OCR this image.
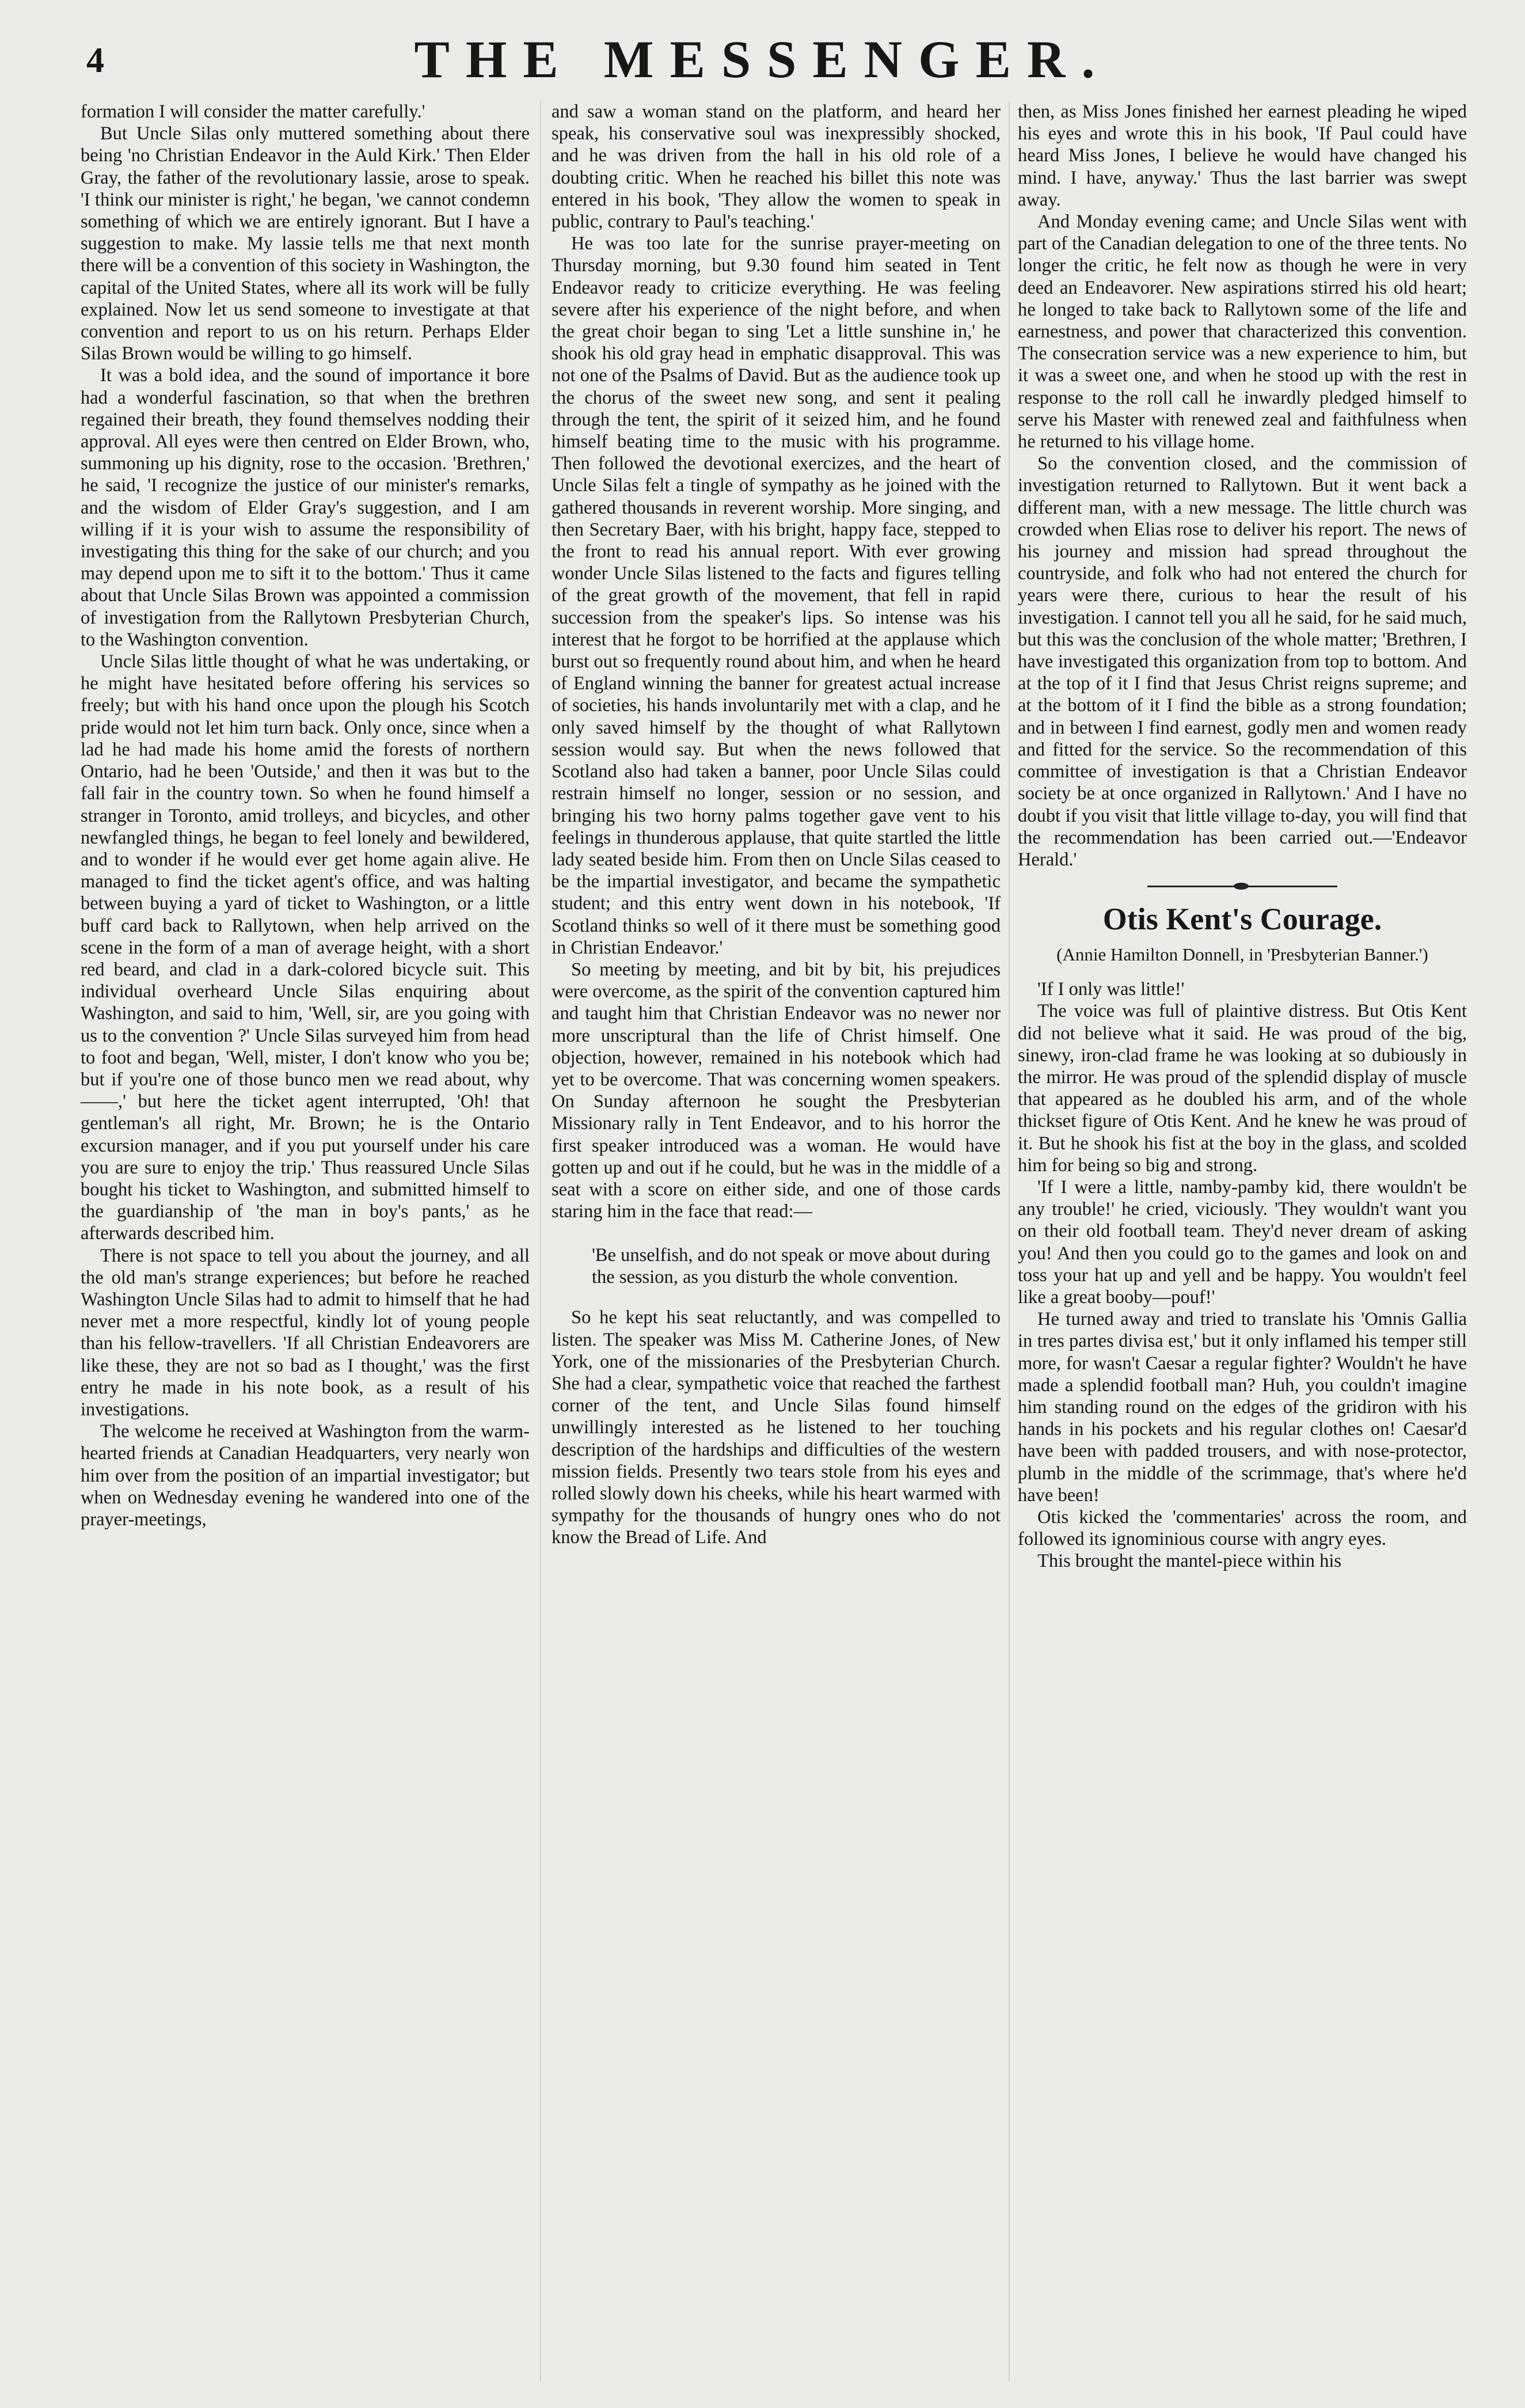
4	THE MESSENGER.

formation I will consider the matter carefully.'

But Uncle Silas only muttered something about there being 'no Christian Endeavor in the Auld Kirk.' Then Elder Gray, the father of the revolutionary lassie, arose to speak. 'I think our minister is right,' he began, 'we cannot condemn something of which we are entirely ignorant. But I have a suggestion to make. My lassie tells me that next month there will be a convention of this society in Washington, the capital of the United States, where all its work will be fully explained. Now let us send someone to investigate at that convention and report to us on his return. Perhaps Elder Silas Brown would be willing to go himself.

It was a bold idea, and the sound of importance it bore had a wonderful fascination, so that when the brethren regained their breath, they found themselves nodding their approval. All eyes were then centred on Elder Brown, who, summoning up his dignity, rose to the occasion. 'Brethren,' he said, 'I recognize the justice of our minister's remarks, and the wisdom of Elder Gray's suggestion, and I am willing if it is your wish to assume the responsibility of investigating this thing for the sake of our church; and you may depend upon me to sift it to the bottom.' Thus it came about that Uncle Silas Brown was appointed a commission of investigation from the Rallytown Presbyterian Church, to the Washington convention.

Uncle Silas little thought of what he was undertaking, or he might have hesitated before offering his services so freely; but with his hand once upon the plough his Scotch pride would not let him turn back. Only once, since when a lad he had made his home amid the forests of northern Ontario, had he been 'Outside,' and then it was but to the fall fair in the country town. So when he found himself a stranger in Toronto, amid trolleys, and bicycles, and other newfangled things, he began to feel lonely and bewildered, and to wonder if he would ever get home again alive. He managed to find the ticket agent's office, and was halting between buying a yard of ticket to Washington, or a little buff card back to Rallytown, when help arrived on the scene in the form of a man of average height, with a short red beard, and clad in a dark-colored bicycle suit. This individual overheard Uncle Silas enquiring about Washington, and said to him, 'Well, sir, are you going with us to the convention ?' Uncle Silas surveyed him from head to foot and began, 'Well, mister, I don't know who you be; but if you're one of those bunco men we read about, why——,' but here the ticket agent interrupted, 'Oh! that gentleman's all right, Mr. Brown; he is the Ontario excursion manager, and if you put yourself under his care you are sure to enjoy the trip.' Thus reassured Uncle Silas bought his ticket to Washington, and submitted himself to the guardianship of 'the man in boy's pants,' as he afterwards described him.

There is not space to tell you about the journey, and all the old man's strange experiences; but before he reached Washington Uncle Silas had to admit to himself that he had never met a more respectful, kindly lot of young people than his fellow-travellers. 'If all Christian Endeavorers are like these, they are not so bad as I thought,' was the first entry he made in his note book, as a result of his investigations.

The welcome he received at Washington from the warm-hearted friends at Canadian Headquarters, very nearly won him over from the position of an impartial investigator; but when on Wednesday evening he wandered into one of the prayer-meetings,

and saw a woman stand on the platform, and heard her speak, his conservative soul was inexpressibly shocked, and he was driven from the hall in his old role of a doubting critic. When he reached his billet this note was entered in his book, 'They allow the women to speak in public, contrary to Paul's teaching.'

He was too late for the sunrise prayer-meeting on Thursday morning, but 9.30 found him seated in Tent Endeavor ready to criticize everything. He was feeling severe after his experience of the night before, and when the great choir began to sing 'Let a little sunshine in,' he shook his old gray head in emphatic disapproval. This was not one of the Psalms of David. But as the audience took up the chorus of the sweet new song, and sent it pealing through the tent, the spirit of it seized him, and he found himself beating time to the music with his programme. Then followed the devotional exercizes, and the heart of Uncle Silas felt a tingle of sympathy as he joined with the gathered thousands in reverent worship. More singing, and then Secretary Baer, with his bright, happy face, stepped to the front to read his annual report. With ever growing wonder Uncle Silas listened to the facts and figures telling of the great growth of the movement, that fell in rapid succession from the speaker's lips. So intense was his interest that he forgot to be horrified at the applause which burst out so frequently round about him, and when he heard of England winning the banner for greatest actual increase of societies, his hands involuntarily met with a clap, and he only saved himself by the thought of what Rallytown session would say. But when the news followed that Scotland also had taken a banner, poor Uncle Silas could restrain himself no longer, session or no session, and bringing his two horny palms together gave vent to his feelings in thunderous applause, that quite startled the little lady seated beside him. From then on Uncle Silas ceased to be the impartial investigator, and became the sympathetic student; and this entry went down in his notebook, 'If Scotland thinks so well of it there must be something good in Christian Endeavor.'

So meeting by meeting, and bit by bit, his prejudices were overcome, as the spirit of the convention captured him and taught him that Christian Endeavor was no newer nor more unscriptural than the life of Christ himself. One objection, however, remained in his notebook which had yet to be overcome. That was concerning women speakers. On Sunday afternoon he sought the Presbyterian Missionary rally in Tent Endeavor, and to his horror the first speaker introduced was a woman. He would have gotten up and out if he could, but he was in the middle of a seat with a score on either side, and one of those cards staring him in the face that read:—

'Be unselfish, and do not speak or move about during the session, as you disturb the whole convention.

So he kept his seat reluctantly, and was compelled to listen. The speaker was Miss M. Catherine Jones, of New York, one of the missionaries of the Presbyterian Church. She had a clear, sympathetic voice that reached the farthest corner of the tent, and Uncle Silas found himself unwillingly interested as he listened to her touching description of the hardships and difficulties of the western mission fields. Presently two tears stole from his eyes and rolled slowly down his cheeks, while his heart warmed with sympathy for the thousands of hungry ones who do not know the Bread of Life. And

then, as Miss Jones finished her earnest pleading he wiped his eyes and wrote this in his book, 'If Paul could have heard Miss Jones, I believe he would have changed his mind. I have, anyway.' Thus the last barrier was swept away.

And Monday evening came; and Uncle Silas went with part of the Canadian delegation to one of the three tents. No longer the critic, he felt now as though he were in very deed an Endeavorer. New aspirations stirred his old heart; he longed to take back to Rallytown some of the life and earnestness, and power that characterized this convention. The consecration service was a new experience to him, but it was a sweet one, and when he stood up with the rest in response to the roll call he inwardly pledged himself to serve his Master with renewed zeal and faithfulness when he returned to his village home.

So the convention closed, and the commission of investigation returned to Rallytown. But it went back a different man, with a new message. The little church was crowded when Elias rose to deliver his report. The news of his journey and mission had spread throughout the countryside, and folk who had not entered the church for years were there, curious to hear the result of his investigation. I cannot tell you all he said, for he said much, but this was the conclusion of the whole matter; 'Brethren, I have investigated this organization from top to bottom. And at the top of it I find that Jesus Christ reigns supreme; and at the bottom of it I find the bible as a strong foundation; and in between I find earnest, godly men and women ready and fitted for the service. So the recommendation of this committee of investigation is that a Christian Endeavor society be at once organized in Rallytown.' And I have no doubt if you visit that little village to-day, you will find that the recommendation has been carried out.—'Endeavor Herald.'

Otis Kent's Courage.
(Annie Hamilton Donnell, in 'Presbyterian Banner.')

'If I only was little!'

The voice was full of plaintive distress. But Otis Kent did not believe what it said. He was proud of the big, sinewy, iron-clad frame he was looking at so dubiously in the mirror. He was proud of the splendid display of muscle that appeared as he doubled his arm, and of the whole thickset figure of Otis Kent. And he knew he was proud of it. But he shook his fist at the boy in the glass, and scolded him for being so big and strong.

'If I were a little, namby-pamby kid, there wouldn't be any trouble!' he cried, viciously. 'They wouldn't want you on their old football team. They'd never dream of asking you! And then you could go to the games and look on and toss your hat up and yell and be happy. You wouldn't feel like a great booby—pouf!'

He turned away and tried to translate his 'Omnis Gallia in tres partes divisa est,' but it only inflamed his temper still more, for wasn't Caesar a regular fighter? Wouldn't he have made a splendid football man? Huh, you couldn't imagine him standing round on the edges of the gridiron with his hands in his pockets and his regular clothes on! Caesar'd have been with padded trousers, and with nose-protector, plumb in the middle of the scrimmage, that's where he'd have been!

Otis kicked the 'commentaries' across the room, and followed its ignominious course with angry eyes.

This brought the mantel-piece within his
